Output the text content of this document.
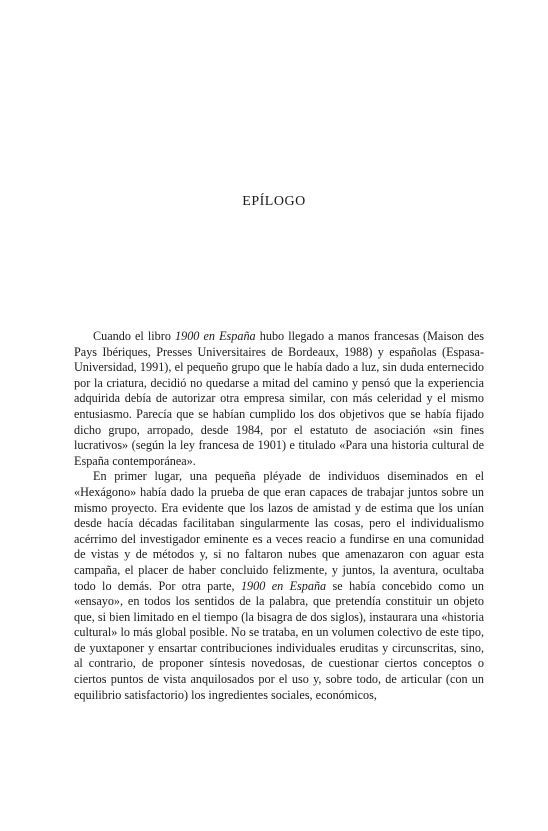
EPÍLOGO

Cuando el libro 1900 en España hubo llegado a manos francesas (Maison des Pays Ibériques, Presses Universitaires de Bordeaux, 1988) y españolas (Espasa-Universidad, 1991), el pequeño grupo que le había dado a luz, sin duda enternecido por la criatura, decidió no quedarse a mitad del camino y pensó que la experiencia adquirida debía de autorizar otra empresa similar, con más celeridad y el mismo entusiasmo. Parecía que se habían cumplido los dos objetivos que se había fijado dicho grupo, arropado, desde 1984, por el estatuto de asociación «sin fines lucrativos» (según la ley francesa de 1901) e titulado «Para una historia cultural de España contemporánea».

En primer lugar, una pequeña pléyade de individuos diseminados en el «Hexágono» había dado la prueba de que eran capaces de trabajar juntos sobre un mismo proyecto. Era evidente que los lazos de amistad y de estima que los unían desde hacía décadas facilitaban singularmente las cosas, pero el individualismo acérrimo del investigador eminente es a veces reacio a fundirse en una comunidad de vistas y de métodos y, si no faltaron nubes que amenazaron con aguar esta campaña, el placer de haber concluido felizmente, y juntos, la aventura, ocultaba todo lo demás. Por otra parte, 1900 en España se había concebido como un «ensayo», en todos los sentidos de la palabra, que pretendía constituir un objeto que, si bien limitado en el tiempo (la bisagra de dos siglos), instaurara una «historia cultural» lo más global posible. No se trataba, en un volumen colectivo de este tipo, de yuxtaponer y ensartar contribuciones individuales eruditas y circunscritas, sino, al contrario, de proponer síntesis novedosas, de cuestionar ciertos conceptos o ciertos puntos de vista anquilosados por el uso y, sobre todo, de articular (con un equilibrio satisfactorio) los ingredientes sociales, económicos,
